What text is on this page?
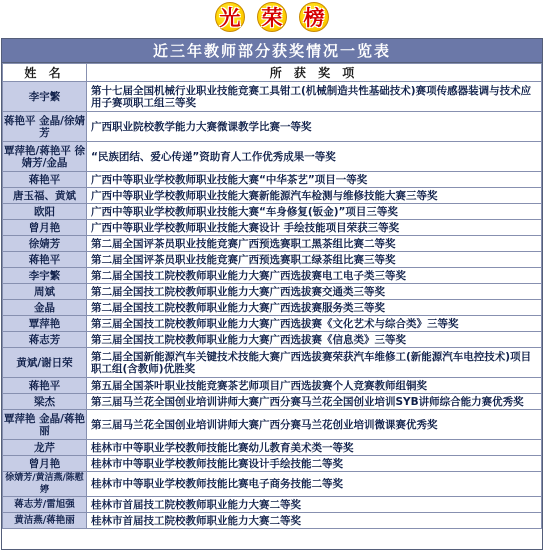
光 荣 榜
近三年教师部分获奖情况一览表
姓 名	所 获 奖 项
李宇繁	第十七届全国机械行业职业技能竞赛工具钳工(机械制造共性基础技术)赛项传感器装调与技术应用子赛项职工组三等奖
蒋艳平 金晶/徐婧芳	广西职业院校教学能力大赛微课教学比赛一等奖
覃萍艳/蒋艳平 徐婧芳/金晶	“民族团结、爱心传递”资助育人工作优秀成果一等奖
蒋艳平	广西中等职业学校教师职业技能大赛“中华茶艺”项目一等奖
唐玉福、黄斌	广西中等职业学校教师职业技能大赛新能源汽车检测与维修技能大赛三等奖
欧阳	广西中等职业学校教师职业技能大赛“车身修复(钣金)”项目三等奖
曾月艳	广西中等职业学校教师职业技能大赛设计 手绘技能项目荣获三等奖
徐婧芳	第二届全国评茶员职业技能竞赛广西预选赛职工黑茶组比赛二等奖
蒋艳平	第二届全国评茶员职业技能竞赛广西预选赛职工绿茶组比赛三等奖
李宇繁	第二届全国技工院校教师职业能力大赛广西选拔赛电工电子类三等奖
周斌	第二届全国技工院校教师职业能力大赛广西选拔赛交通类三等奖
金晶	第二届全国技工院校教师职业能力大赛广西选拔赛服务类三等奖
覃萍艳	第三届全国技工院校教师职业能力大赛广西选拔赛《文化艺术与综合类》三等奖
蒋志芳	第三届全国技工院校教师职业能力大赛广西选拔赛《信息类》三等奖
黄斌/谢日荣	第二届全国新能源汽车关键技术技能大赛广西选拔赛荣获汽车维修工(新能源汽车电控技术)项目职工组(含教师)优胜奖
蒋艳平	第五届全国茶叶职业技能竞赛茶艺师项目广西选拔赛个人竞赛教师组铜奖
梁杰	第三届马兰花全国创业培训讲师大赛广西分赛马兰花全国创业培训SYB讲师综合能力赛优秀奖
覃萍艳 金晶/蒋艳丽	第三届马兰花全国创业培训讲师大赛广西分赛马兰花创业培训微课赛优秀奖
龙芹	桂林市中等职业学校教师技能比赛幼儿教育美术类一等奖
曾月艳	桂林市中等职业学校教师技能比赛设计手绘技能二等奖
徐婧芳/黄洁燕/陈慰婷	桂林市中等职业学校教师技能比赛电子商务技能二等奖
蒋志芳/雷旭强	桂林市首届技工院校教师职业能力大赛二等奖
黄洁燕/蒋艳丽	桂林市首届技工院校教师职业能力大赛二等奖
